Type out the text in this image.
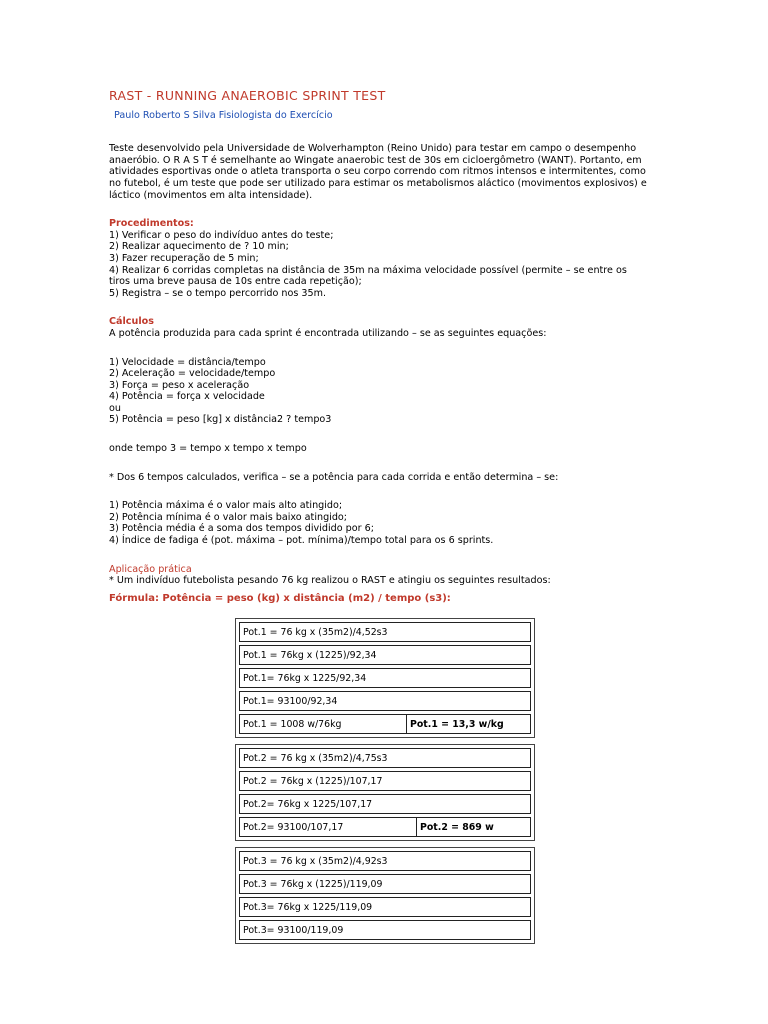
RAST - RUNNING ANAEROBIC SPRINT TEST
Paulo Roberto S Silva Fisiologista do Exercício
Teste desenvolvido pela Universidade de Wolverhampton (Reino Unido) para testar em campo o desempenho
anaeróbio. O R A S T é semelhante ao Wingate anaerobic test de 30s em cicloergômetro (WANT). Portanto, em
atividades esportivas onde o atleta transporta o seu corpo correndo com ritmos intensos e intermitentes, como
no futebol, é um teste que pode ser utilizado para estimar os metabolismos aláctico (movimentos explosivos) e
láctico (movimentos em alta intensidade).
Procedimentos:
1) Verificar o peso do indivíduo antes do teste;
2) Realizar aquecimento de ? 10 min;
3) Fazer recuperação de 5 min;
4) Realizar 6 corridas completas na distância de 35m na máxima velocidade possível (permite – se entre os
tiros uma breve pausa de 10s entre cada repetição);
5) Registra – se o tempo percorrido nos 35m.
Cálculos
A potência produzida para cada sprint é encontrada utilizando – se as seguintes equações:
1) Velocidade = distância/tempo
2) Aceleração = velocidade/tempo
3) Força = peso x aceleração
4) Potência = força x velocidade
ou
5) Potência = peso [kg] x distância2 ? tempo3
onde tempo 3 = tempo x tempo x tempo
* Dos 6 tempos calculados, verifica – se a potência para cada corrida e então determina – se:
1) Potência máxima é o valor mais alto atingido;
2) Potência mínima é o valor mais baixo atingido;
3) Potência média é a soma dos tempos dividido por 6;
4) Índice de fadiga é (pot. máxima – pot. mínima)/tempo total para os 6 sprints.
Aplicação prática
* Um indivíduo futebolista pesando 76 kg realizou o RAST e atingiu os seguintes resultados:
Fórmula: Potência = peso (kg) x distância (m2) / tempo (s3):
Pot.1 = 76 kg x (35m2)/4,52s3
Pot.1 = 76kg x (1225)/92,34
Pot.1= 76kg x 1225/92,34
Pot.1= 93100/92,34

Pot.1 = 1008 w/76kg	Pot.1 = 13,3 w/kg
Pot.2 = 76 kg x (35m2)/4,75s3
Pot.2 = 76kg x (1225)/107,17
Pot.2= 76kg x 1225/107,17

Pot.2= 93100/107,17	Pot.2 = 869 w
Pot.3 = 76 kg x (35m2)/4,92s3
Pot.3 = 76kg x (1225)/119,09
Pot.3= 76kg x 1225/119,09
Pot.3= 93100/119,09
